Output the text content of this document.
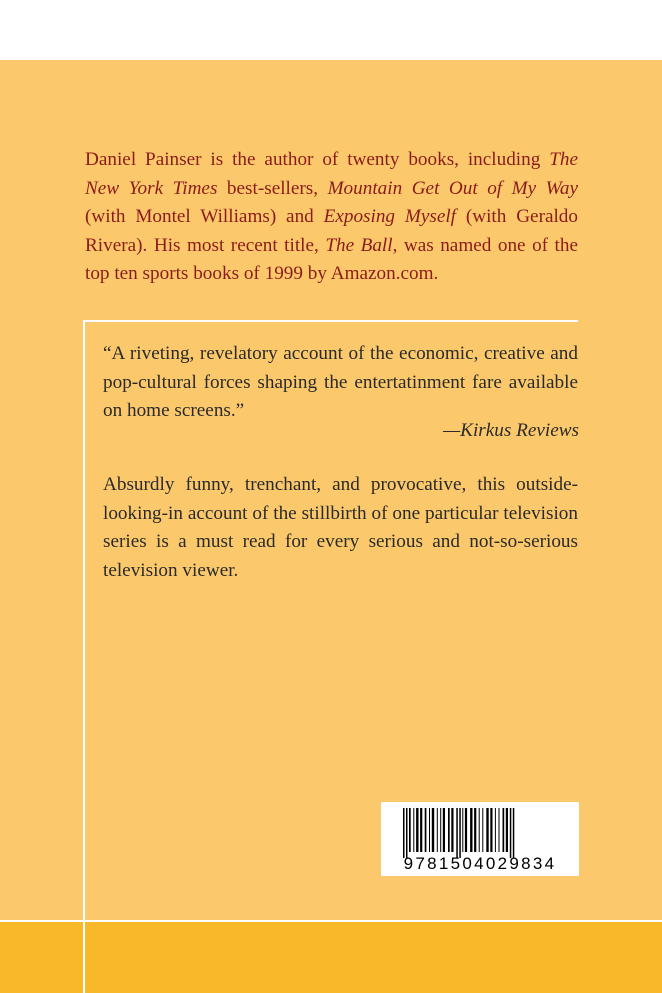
Daniel Painser is the author of twenty books, including The New York Times best-sellers, Mountain Get Out of My Way (with Montel Williams) and Exposing Myself (with Geraldo Rivera). His most recent title, The Ball, was named one of the top ten sports books of 1999 by Amazon.com.

“A riveting, revelatory account of the economic, creative and pop-cultural forces shaping the entertatinment fare available on home screens.”

—Kirkus Reviews

Absurdly funny, trenchant, and provocative, this outside-looking-in account of the stillbirth of one particular television series is a must read for every serious and not-so-serious television viewer.

9781504029834
